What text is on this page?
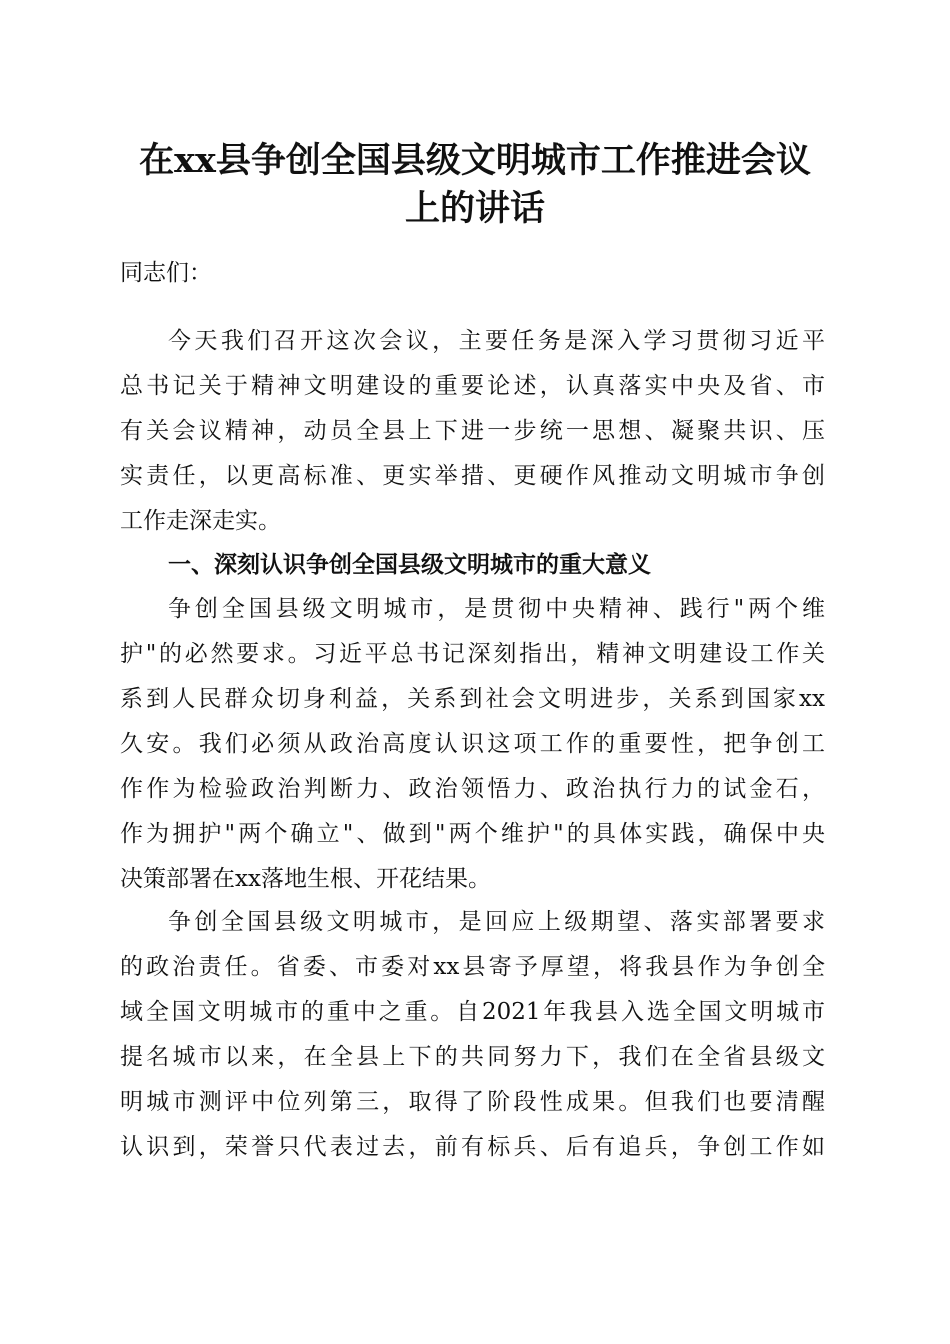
在xx县争创全国县级文明城市工作推进会议
上的讲话
同志们：
今天我们召开这次会议，主要任务是深入学习贯彻习近平
总书记关于精神文明建设的重要论述，认真落实中央及省、市
有关会议精神，动员全县上下进一步统一思想、凝聚共识、压
实责任，以更高标准、更实举措、更硬作风推动文明城市争创
工作走深走实。
一、深刻认识争创全国县级文明城市的重大意义
争创全国县级文明城市，是贯彻中央精神、践行"两个维
护"的必然要求。习近平总书记深刻指出，精神文明建设工作关
系到人民群众切身利益，关系到社会文明进步，关系到国家xx
久安。我们必须从政治高度认识这项工作的重要性，把争创工
作作为检验政治判断力、政治领悟力、政治执行力的试金石，
作为拥护"两个确立"、做到"两个维护"的具体实践，确保中央
决策部署在xx落地生根、开花结果。
争创全国县级文明城市，是回应上级期望、落实部署要求
的政治责任。省委、市委对xx县寄予厚望，将我县作为争创全
域全国文明城市的重中之重。自2021年我县入选全国文明城市
提名城市以来，在全县上下的共同努力下，我们在全省县级文
明城市测评中位列第三，取得了阶段性成果。但我们也要清醒
认识到，荣誉只代表过去，前有标兵、后有追兵，争创工作如
